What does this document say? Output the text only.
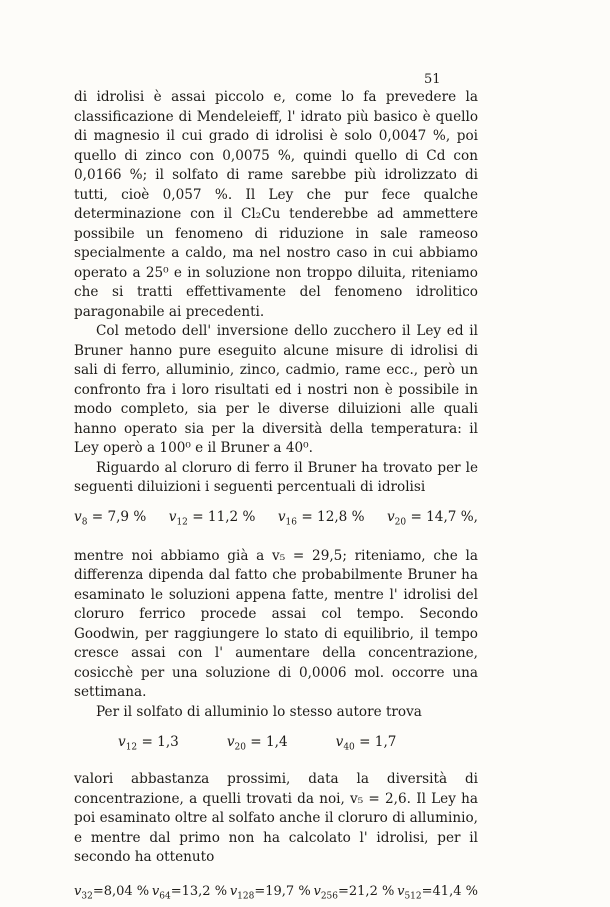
51

di idrolisi è assai piccolo e, come lo fa prevedere la classificazione di Mendeleieff, l' idrato più basico è quello di magnesio il cui grado di idrolisi è solo 0,0047 %, poi quello di zinco con 0,0075 %, quindi quello di Cd con 0,0166 %; il solfato di rame sarebbe più idrolizzato di tutti, cioè 0,057 %. Il Ley che pur fece qualche determinazione con il Cl₂Cu tenderebbe ad ammettere possibile un fenomeno di riduzione in sale rameoso specialmente a caldo, ma nel nostro caso in cui abbiamo operato a 25⁰ e in soluzione non troppo diluita, riteniamo che si tratti effettivamente del fenomeno idrolitico paragonabile ai precedenti.

Col metodo dell' inversione dello zucchero il Ley ed il Bruner hanno pure eseguito alcune misure di idrolisi di sali di ferro, alluminio, zinco, cadmio, rame ecc., però un confronto fra i loro risultati ed i nostri non è possibile in modo completo, sia per le diverse diluizioni alle quali hanno operato sia per la diversità della temperatura: il Ley operò a 100⁰ e il Bruner a 40⁰.

Riguardo al cloruro di ferro il Bruner ha trovato per le seguenti diluizioni i seguenti percentuali di idrolisi

$v_8 = 7,9$ % $v_{12} = 11,2$ % $v_{16} = 12,8$ % $v_{20} = 14,7$ %,

mentre noi abbiamo già a v₅ = 29,5; riteniamo, che la differenza dipenda dal fatto che probabilmente Bruner ha esaminato le soluzioni appena fatte, mentre l' idrolisi del cloruro ferrico procede assai col tempo. Secondo Goodwin, per raggiungere lo stato di equilibrio, il tempo cresce assai con l' aumentare della concentrazione, cosicchè per una soluzione di 0,0006 mol. occorre una settimana.

Per il solfato di alluminio lo stesso autore trova

$v_{12} = 1,3$	$v_{20} = 1,4$	$v_{40} = 1,7$

valori abbastanza prossimi, data la diversità di concentrazione, a quelli trovati da noi, v₅ = 2,6. Il Ley ha poi esaminato oltre al solfato anche il cloruro di alluminio, e mentre dal primo non ha calcolato l' idrolisi, per il secondo ha ottenuto

$v_{32}=8,04$ % $v_{64}=13,2$ % $v_{128}=19,7$ % $v_{256}=21,2$ % $v_{512}=41,4$ %
